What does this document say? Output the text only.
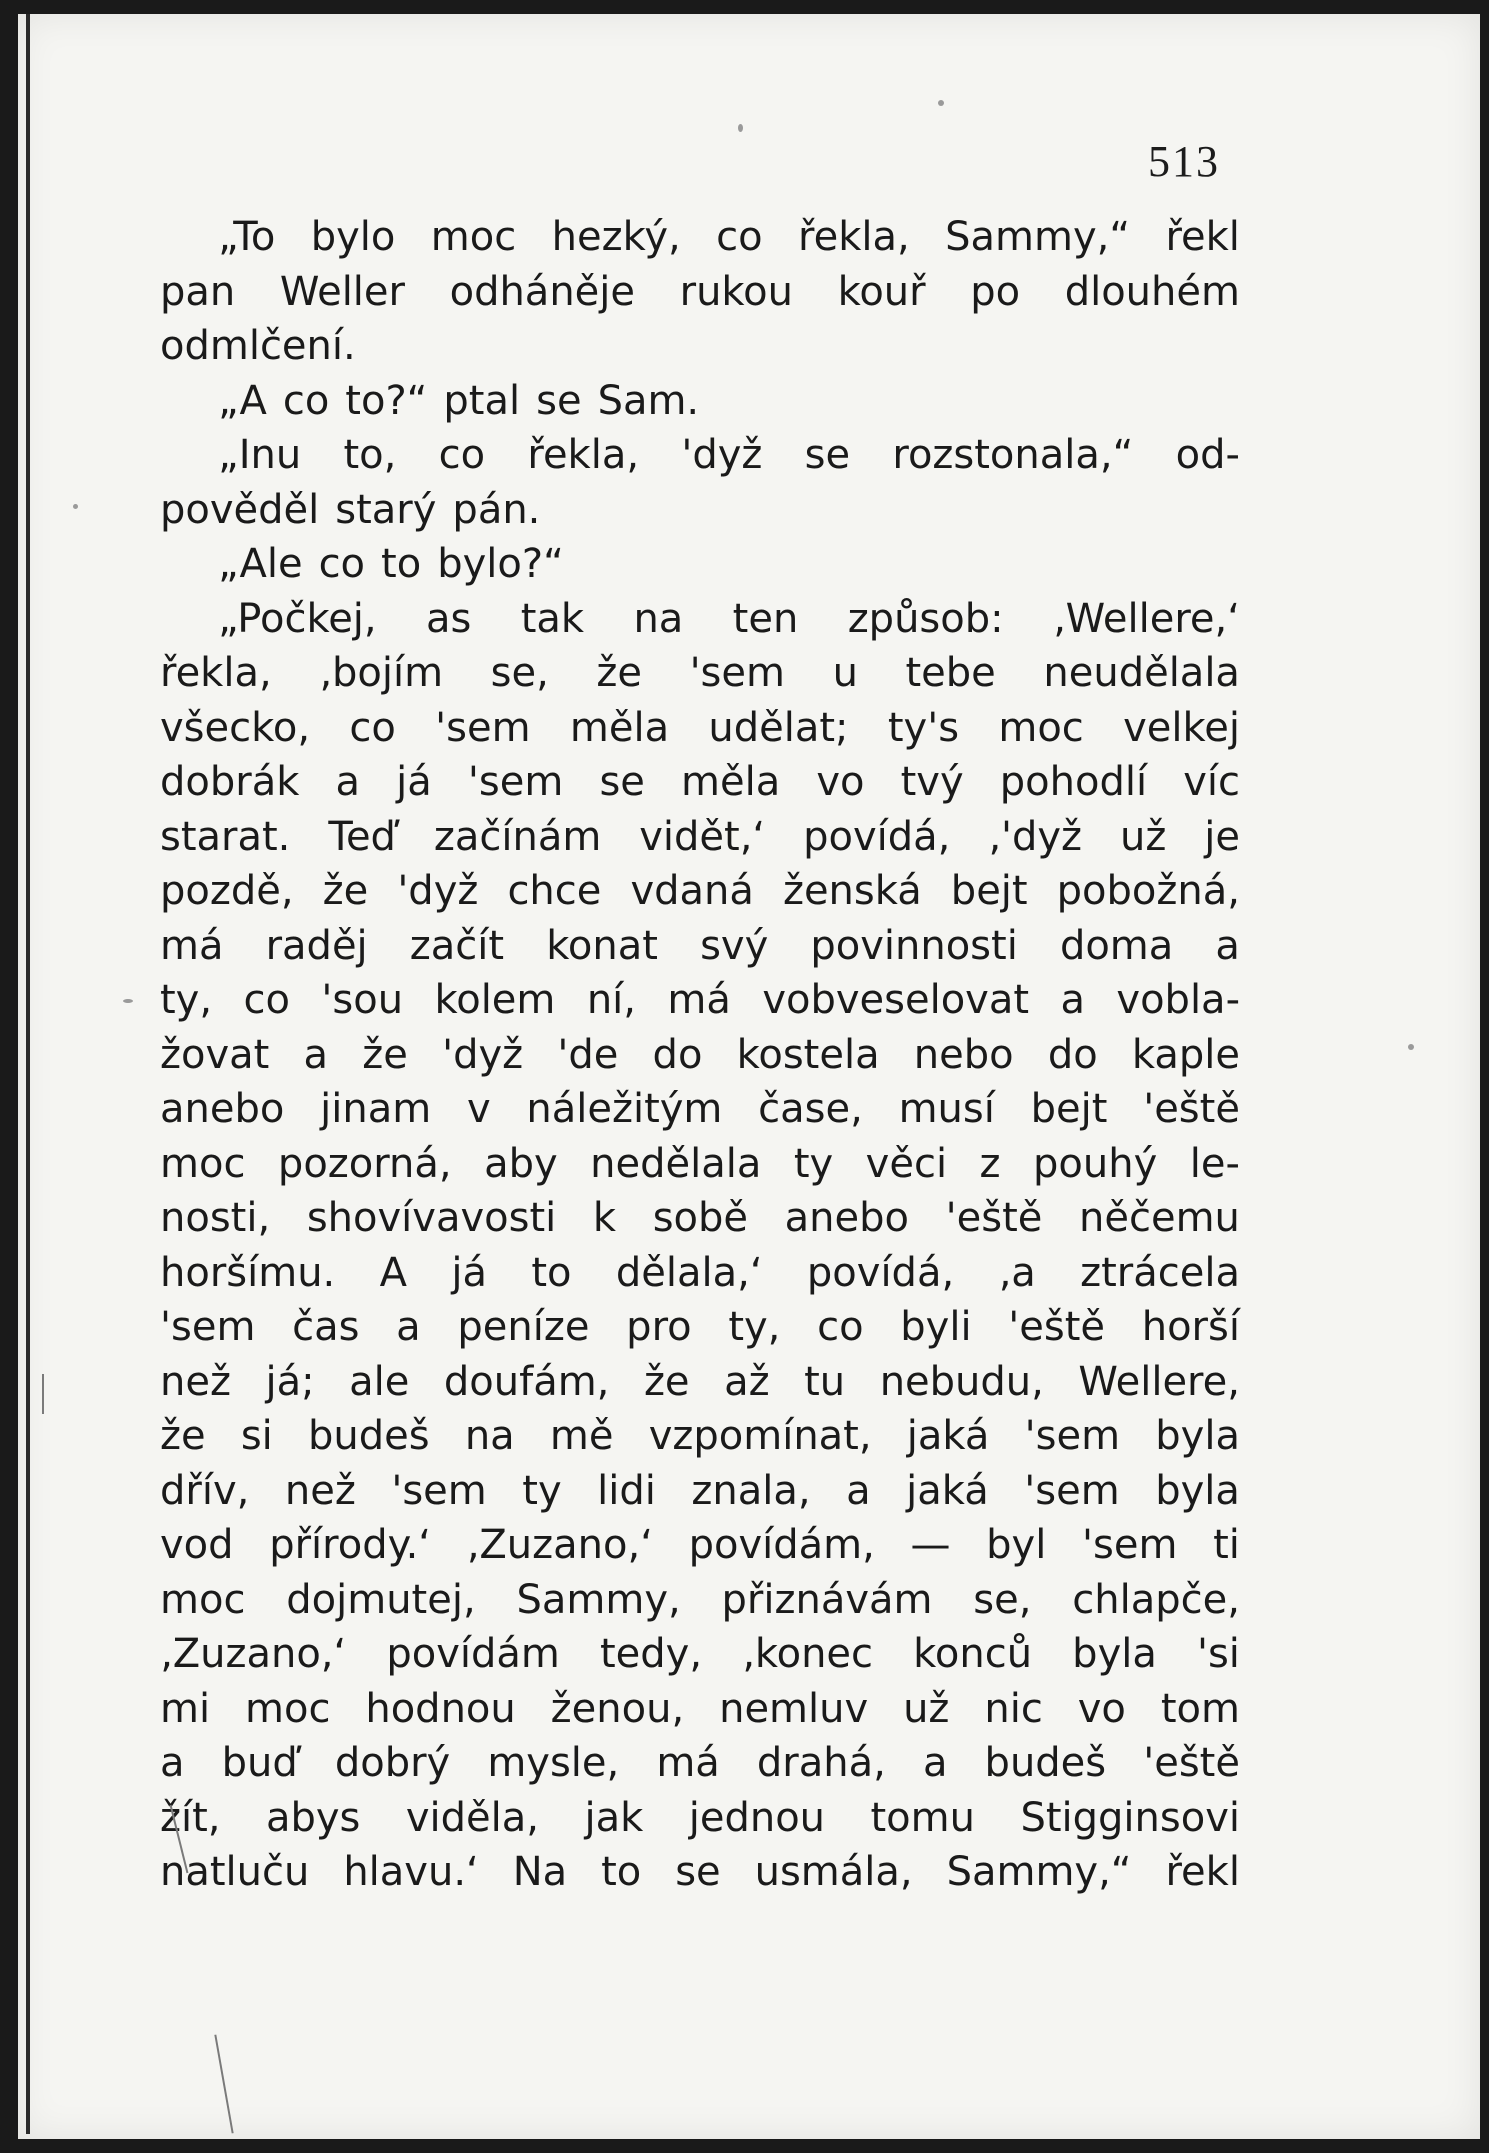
513
„To bylo moc hezký, co řekla, Sammy,“ řekl
pan Weller odháněje rukou kouř po dlouhém
odmlčení.
„A co to?“ ptal se Sam.
„Inu to, co řekla, 'dyž se rozstonala,“ od-
pověděl starý pán.
„Ale co to bylo?“
„Počkej, as tak na ten způsob: ‚Wellere,‘
řekla, ‚bojím se, že 'sem u tebe neudělala
všecko, co 'sem měla udělat; ty's moc velkej
dobrák a já 'sem se měla vo tvý pohodlí víc
starat. Teď začínám vidět,‘ povídá, ‚'dyž už je
pozdě, že 'dyž chce vdaná ženská bejt pobožná,
má raděj začít konat svý povinnosti doma a
ty, co 'sou kolem ní, má vobveselovat a vobla-
žovat a že 'dyž 'de do kostela nebo do kaple
anebo jinam v náležitým čase, musí bejt 'eště
moc pozorná, aby nedělala ty věci z pouhý le-
nosti, shovívavosti k sobě anebo 'eště něčemu
horšímu. A já to dělala,‘ povídá, ‚a ztrácela
'sem čas a peníze pro ty, co byli 'eště horší
než já; ale doufám, že až tu nebudu, Wellere,
že si budeš na mě vzpomínat, jaká 'sem byla
dřív, než 'sem ty lidi znala, a jaká 'sem byla
vod přírody.‘ ‚Zuzano,‘ povídám, — byl 'sem ti
moc dojmutej, Sammy, přiznávám se, chlapče,
‚Zuzano,‘ povídám tedy, ‚konec konců byla 'si
mi moc hodnou ženou, nemluv už nic vo tom
a buď dobrý mysle, má drahá, a budeš 'eště
žít, abys viděla, jak jednou tomu Stigginsovi
natluču hlavu.‘ Na to se usmála, Sammy,“ řekl
